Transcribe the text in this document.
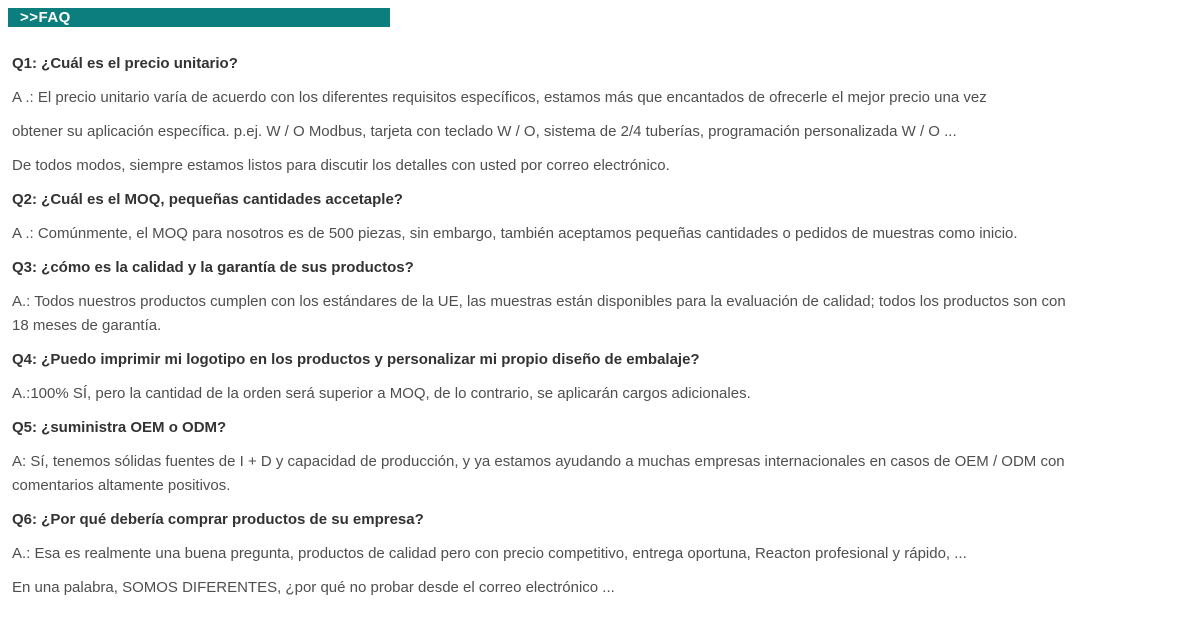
>>FAQ
Q1: ¿Cuál es el precio unitario?

A .: El precio unitario varía de acuerdo con los diferentes requisitos específicos, estamos más que encantados de ofrecerle el mejor precio una vez

obtener su aplicación específica. p.ej. W / O Modbus, tarjeta con teclado W / O, sistema de 2/4 tuberías, programación personalizada W / O ...

De todos modos, siempre estamos listos para discutir los detalles con usted por correo electrónico.

Q2: ¿Cuál es el MOQ, pequeñas cantidades accetaple?

A .: Comúnmente, el MOQ para nosotros es de 500 piezas, sin embargo, también aceptamos pequeñas cantidades o pedidos de muestras como inicio.

Q3: ¿cómo es la calidad y la garantía de sus productos?

A.: Todos nuestros productos cumplen con los estándares de la UE, las muestras están disponibles para la evaluación de calidad; todos los productos son con
18 meses de garantía.

Q4: ¿Puedo imprimir mi logotipo en los productos y personalizar mi propio diseño de embalaje?

A.:100% SÍ, pero la cantidad de la orden será superior a MOQ, de lo contrario, se aplicarán cargos adicionales.

Q5: ¿suministra OEM o ODM?

A: Sí, tenemos sólidas fuentes de I + D y capacidad de producción, y ya estamos ayudando a muchas empresas internacionales en casos de OEM / ODM con
comentarios altamente positivos.

Q6: ¿Por qué debería comprar productos de su empresa?

A.: Esa es realmente una buena pregunta, productos de calidad pero con precio competitivo, entrega oportuna, Reacton profesional y rápido, ...

En una palabra, SOMOS DIFERENTES, ¿por qué no probar desde el correo electrónico ...
